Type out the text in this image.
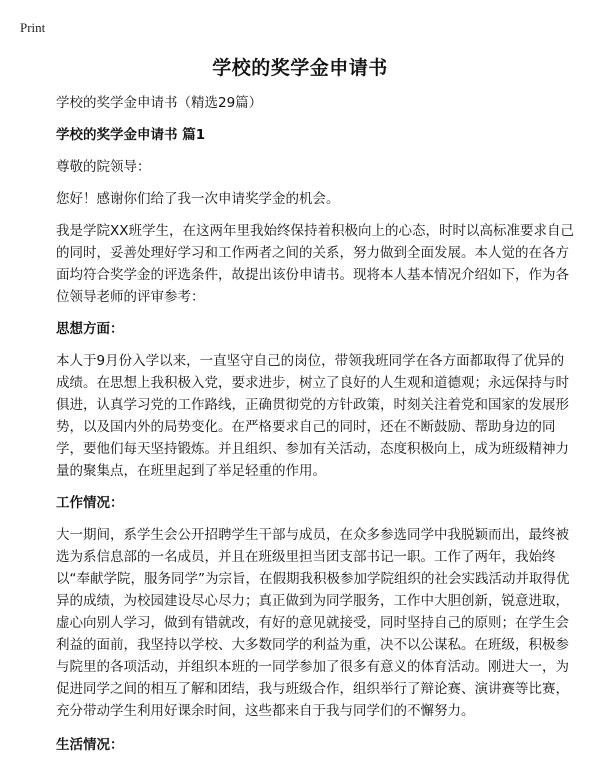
Print
学校的奖学金申请书

学校的奖学金申请书（精选29篇）

学校的奖学金申请书 篇1

尊敬的院领导：

您好！感谢你们给了我一次申请奖学金的机会。

我是学院XX班学生，在这两年里我始终保持着积极向上的心态，时时以高标准要求自己的同时，妥善处理好学习和工作两者之间的关系，努力做到全面发展。本人觉的在各方面均符合奖学金的评选条件，故提出该份申请书。现将本人基本情况介绍如下，作为各位领导老师的评审参考：

思想方面：

本人于9月份入学以来，一直坚守自己的岗位，带领我班同学在各方面都取得了优异的成绩。在思想上我积极入党，要求进步，树立了良好的人生观和道德观；永远保持与时俱进，认真学习党的工作路线，正确贯彻党的方针政策，时刻关注着党和国家的发展形势，以及国内外的局势变化。在严格要求自己的同时，还在不断鼓励、帮助身边的同学，要他们每天坚持锻炼。并且组织、参加有关活动，态度积极向上，成为班级精神力量的聚集点，在班里起到了举足轻重的作用。

工作情况：

大一期间，系学生会公开招聘学生干部与成员，在众多参选同学中我脱颖而出，最终被选为系信息部的一名成员，并且在班级里担当团支部书记一职。工作了两年，我始终以“奉献学院，服务同学”为宗旨，在假期我积极参加学院组织的社会实践活动并取得优异的成绩，为校园建设尽心尽力；真正做到为同学服务，工作中大胆创新，锐意进取，虚心向别人学习，做到有错就改，有好的意见就接受，同时坚持自己的原则；在学生会利益的面前，我坚持以学校、大多数同学的利益为重，决不以公谋私。在班级，积极参与院里的各项活动，并组织本班的一同学参加了很多有意义的体育活动。刚进大一，为促进同学之间的相互了解和团结，我与班级合作，组织举行了辩论赛、演讲赛等比赛，充分带动学生利用好课余时间，这些都来自于我与同学们的不懈努力。

生活情况：
